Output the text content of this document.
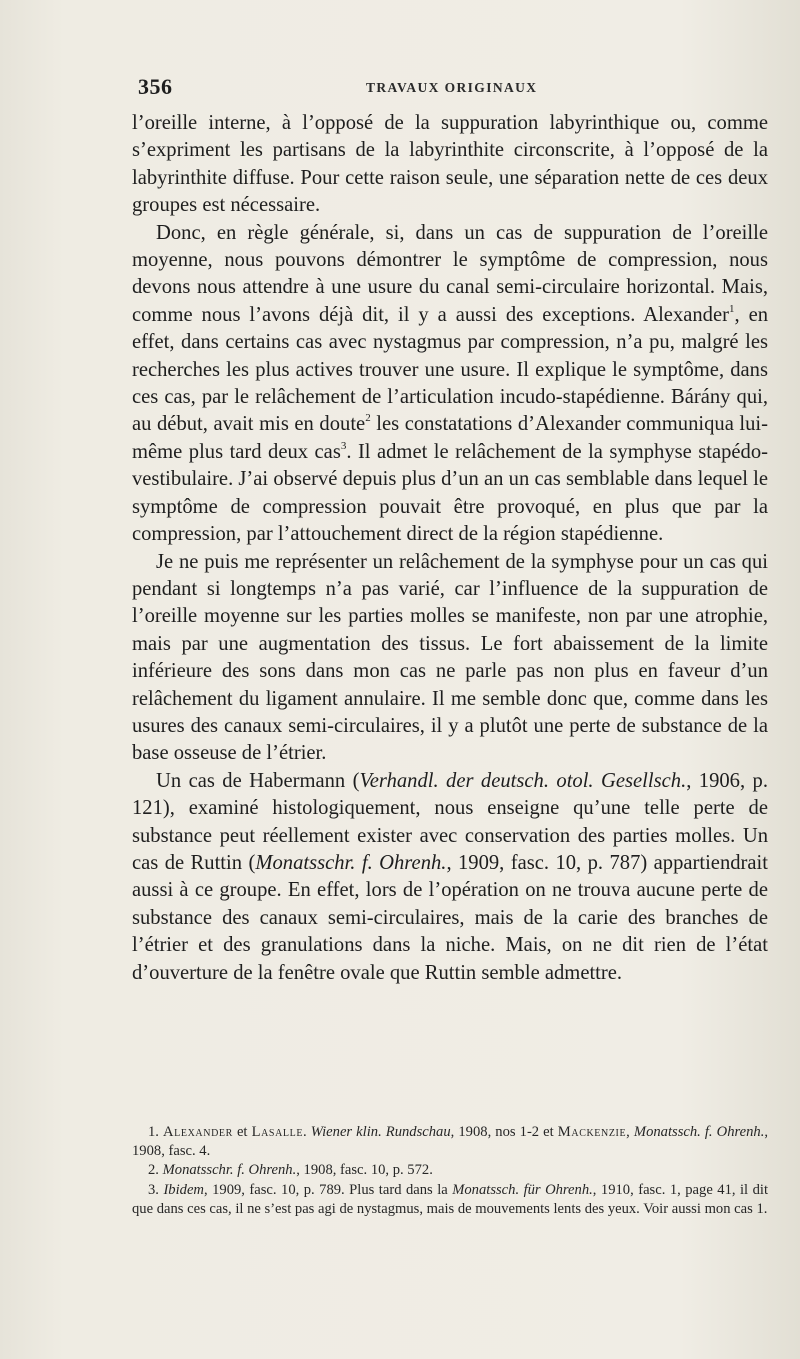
356	TRAVAUX ORIGINAUX

l’oreille interne, à l’opposé de la suppuration labyrinthique ou, comme s’expriment les partisans de la labyrinthite circonscrite, à l’opposé de la labyrinthite diffuse. Pour cette raison seule, une séparation nette de ces deux groupes est nécessaire.

Donc, en règle générale, si, dans un cas de suppuration de l’oreille moyenne, nous pouvons démontrer le symptôme de compression, nous devons nous attendre à une usure du canal semi-circulaire horizontal. Mais, comme nous l’avons déjà dit, il y a aussi des exceptions. Alexander$^1$, en effet, dans certains cas avec nystagmus par compression, n’a pu, malgré les recherches les plus actives trouver une usure. Il explique le symptôme, dans ces cas, par le relâchement de l’articulation incudo-stapédienne. Bárány qui, au début, avait mis en doute$^2$ les constatations d’Alexander communiqua lui-même plus tard deux cas$^3$. Il admet le relâchement de la symphyse stapédo-vestibulaire. J’ai observé depuis plus d’un an un cas semblable dans lequel le symptôme de compression pouvait être provoqué, en plus que par la compression, par l’attouchement direct de la région stapédienne.

Je ne puis me représenter un relâchement de la symphyse pour un cas qui pendant si longtemps n’a pas varié, car l’influence de la suppuration de l’oreille moyenne sur les parties molles se manifeste, non par une atrophie, mais par une augmentation des tissus. Le fort abaissement de la limite inférieure des sons dans mon cas ne parle pas non plus en faveur d’un relâchement du ligament annulaire. Il me semble donc que, comme dans les usures des canaux semi-circulaires, il y a plutôt une perte de substance de la base osseuse de l’étrier.

Un cas de Habermann (Verhandl. der deutsch. otol. Gesellsch., 1906, p. 121), examiné histologiquement, nous enseigne qu’une telle perte de substance peut réellement exister avec conservation des parties molles. Un cas de Ruttin (Monatsschr. f. Ohrenh., 1909, fasc. 10, p. 787) appartiendrait aussi à ce groupe. En effet, lors de l’opération on ne trouva aucune perte de substance des canaux semi-circulaires, mais de la carie des branches de l’étrier et des granulations dans la niche. Mais, on ne dit rien de l’état d’ouverture de la fenêtre ovale que Ruttin semble admettre.

1. Alexander et Lasalle. Wiener klin. Rundschau, 1908, nos 1-2 et Mackenzie, Monatssch. f. Ohrenh., 1908, fasc. 4.

2. Monatsschr. f. Ohrenh., 1908, fasc. 10, p. 572.

3. Ibidem, 1909, fasc. 10, p. 789. Plus tard dans la Monatssch. für Ohrenh., 1910, fasc. 1, page 41, il dit que dans ces cas, il ne s’est pas agi de nystagmus, mais de mouvements lents des yeux. Voir aussi mon cas 1.
